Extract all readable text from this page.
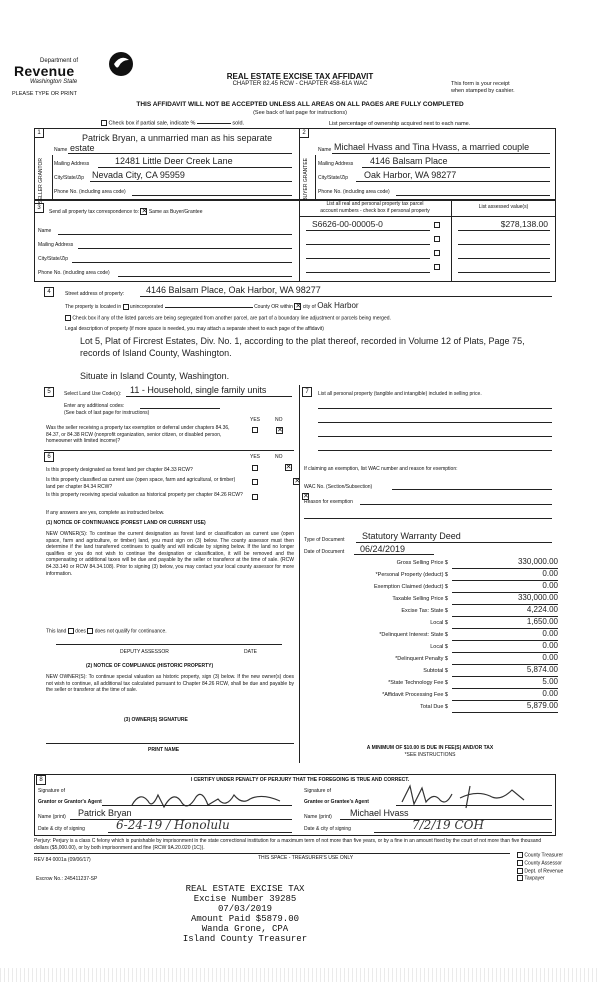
Department of
Revenue
Washington State
PLEASE TYPE OR PRINT
REAL ESTATE EXCISE TAX AFFIDAVIT
CHAPTER 82.45 RCW - CHAPTER 458-61A WAC	This form is your receipt
when stamped by cashier.
THIS AFFIDAVIT WILL NOT BE ACCEPTED UNLESS ALL AREAS ON ALL PAGES ARE FULLY COMPLETED
(See back of last page for instructions)
Check box if partial sale, indicate %	sold.	List percentage of ownership acquired next to each name.
1	2
SELLER GRANTOR	BUYER GRANTEE
Patrick Bryan, a unmarried man as his separate
Name estate
Mailing Address	12481 Little Deer Creek Lane
City/State/Zip Nevada City, CA 95959
Phone No. (including area code)
Name Michael Hvass and Tina Hvass, a married couple
Mailing Address 4146 Balsam Place
City/State/Zip Oak Harbor, WA 98277
Phone No. (including area code)
3
Send all property tax correspondence to: ✕ Same as Buyer/Grantee
List all real and personal property tax parcel
account numbers - check box if personal property
List assessed value(s)
Name
Mailing Address
City/State/Zip
Phone No. (including area code)
S6626-00-00005-0	$278,138.00
4	Street address of property: 4146 Balsam Place, Oak Harbor, WA 98277
The property is located in unincorporated	County OR within ✕ city of Oak Harbor
Check box if any of the listed parcels are being segregated from another parcel, are part of a boundary line adjustment or parcels being merged.
Legal description of property (if more space is needed, you may attach a separate sheet to each page of the affidavit)
Lot 5, Plat of Fircrest Estates, Div. No. 1, according to the plat thereof, recorded in Volume 12 of Plats, Page 75,
records of Island County, Washington.
Situate in Island County, Washington.
5	Select Land Use Code(s): 11 - Household, single family units
Enter any additional codes:
(See back of last page for instructions)
YES	NO
Was the seller receiving a property tax exemption or deferral under chapters 84.36, 84.37, or 84.38 RCW (nonprofit organization, senior citizen, or disabled person, homeowner with limited income)?
✕
6	YES	NO
Is this property designated as forest land per chapter 84.33 RCW?
✕
Is this property classified as current use (open space, farm and agricultural, or timber) land per chapter 84.34 RCW?
✕
Is this property receiving special valuation as historical property per chapter 84.26 RCW?
✕
If any answers are yes, complete as instructed below.
(1) NOTICE OF CONTINUANCE (FOREST LAND OR CURRENT USE)
NEW OWNER(S): To continue the current designation as forest land or classification as current use (open space, farm and agriculture, or timber) land, you must sign on (3) below. The county assessor must then determine if the land transferred continues to qualify and will indicate by signing below. If the land no longer qualifies or you do not wish to continue the designation or classification, it will be removed and the compensating or additional taxes will be due and payable by the seller or transferor at the time of sale. (RCW 84.33.140 or RCW 84.34.108). Prior to signing (3) below, you may contact your local county assessor for more information.
This land does does not qualify for continuance.
DEPUTY ASSESSOR	DATE
(2) NOTICE OF COMPLIANCE (HISTORIC PROPERTY)
NEW OWNER(S): To continue special valuation as historic property, sign (3) below. If the new owner(s) does not wish to continue, all additional tax calculated pursuant to Chapter 84.26 RCW, shall be due and payable by the seller or transferor at the time of sale.
(3) OWNER(S) SIGNATURE
PRINT NAME
7	List all personal property (tangible and intangible) included in selling price.
If claiming an exemption, list WAC number and reason for exemption:
WAC No. (Section/Subsection)
Reason for exemption
Type of Document Statutory Warranty Deed
Date of Document 06/24/2019
Gross Selling Price $	330,000.00
*Personal Property (deduct) $	0.00
Exemption Claimed (deduct) $	0.00
Taxable Selling Price $	330,000.00
Excise Tax: State $	4,224.00
Local $	1,650.00
*Delinquent Interest: State $	0.00
Local $	0.00
*Delinquent Penalty $	0.00
Subtotal $	5,874.00
*State Technology Fee $	5.00
*Affidavit Processing Fee $	0.00
Total Due $	5,879.00
A MINIMUM OF $10.00 IS DUE IN FEE(S) AND/OR TAX
*SEE INSTRUCTIONS
8	I CERTIFY UNDER PENALTY OF PERJURY THAT THE FOREGOING IS TRUE AND CORRECT.
Signature of
Grantor or Grantor's Agent
Name (print) Patrick Bryan
Date & city of signing	6-24-19 / Honolulu
Signature of
Grantee or Grantee's Agent
Name (print) Michael Hvass
Date & city of signing	7/2/19 COH
Perjury: Perjury is a class C felony which is punishable by imprisonment in the state correctional institution for a maximum term of not more than five years, or by a fine in an amount fixed by the court of not more than five thousand dollars ($5,000.00), or by both imprisonment and fine (RCW 9A.20.020 (1C)).
REV 84 0001a (09/06/17)	THIS SPACE - TREASURER'S USE ONLY
Escrow No.: 245411237-SP
County Treasurer
County Assessor
Dept. of Revenue
Taxpayer
REAL ESTATE EXCISE TAX
Excise Number 39285
07/03/2019
Amount Paid $5879.00
Wanda Grone, CPA
Island County Treasurer
